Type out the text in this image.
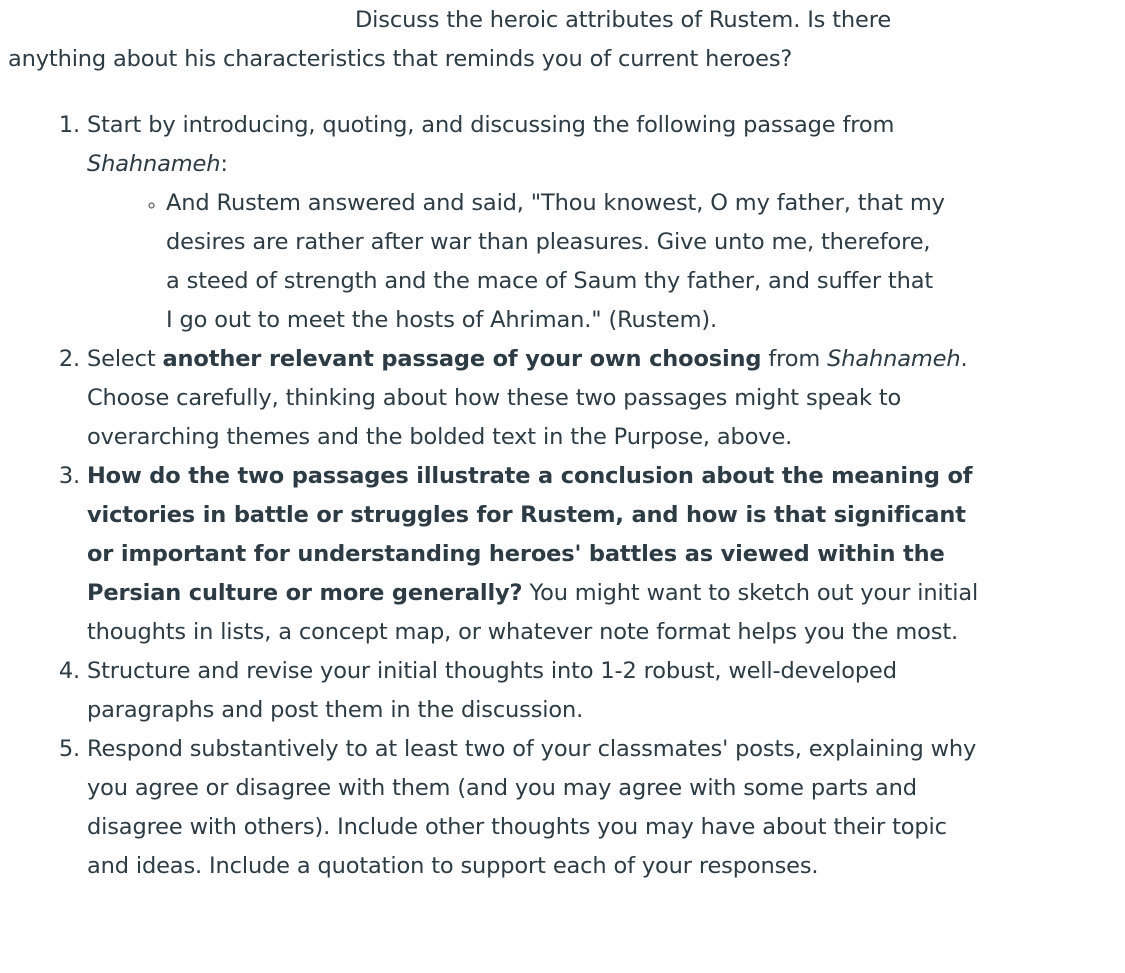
Discuss the heroic attributes of Rustem. Is there
anything about his characteristics that reminds you of current heroes?

1. Start by introducing, quoting, and discussing the following passage from Shahnameh:
◦ And Rustem answered and said, "Thou knowest, O my father, that my desires are rather after war than pleasures. Give unto me, therefore, a steed of strength and the mace of Saum thy father, and suffer that I go out to meet the hosts of Ahriman." (Rustem).
2. Select another relevant passage of your own choosing from Shahnameh. Choose carefully, thinking about how these two passages might speak to overarching themes and the bolded text in the Purpose, above.
3. How do the two passages illustrate a conclusion about the meaning of victories in battle or struggles for Rustem, and how is that significant or important for understanding heroes' battles as viewed within the Persian culture or more generally? You might want to sketch out your initial thoughts in lists, a concept map, or whatever note format helps you the most.
4. Structure and revise your initial thoughts into 1-2 robust, well-developed paragraphs and post them in the discussion.
5. Respond substantively to at least two of your classmates' posts, explaining why you agree or disagree with them (and you may agree with some parts and disagree with others). Include other thoughts you may have about their topic and ideas. Include a quotation to support each of your responses.
